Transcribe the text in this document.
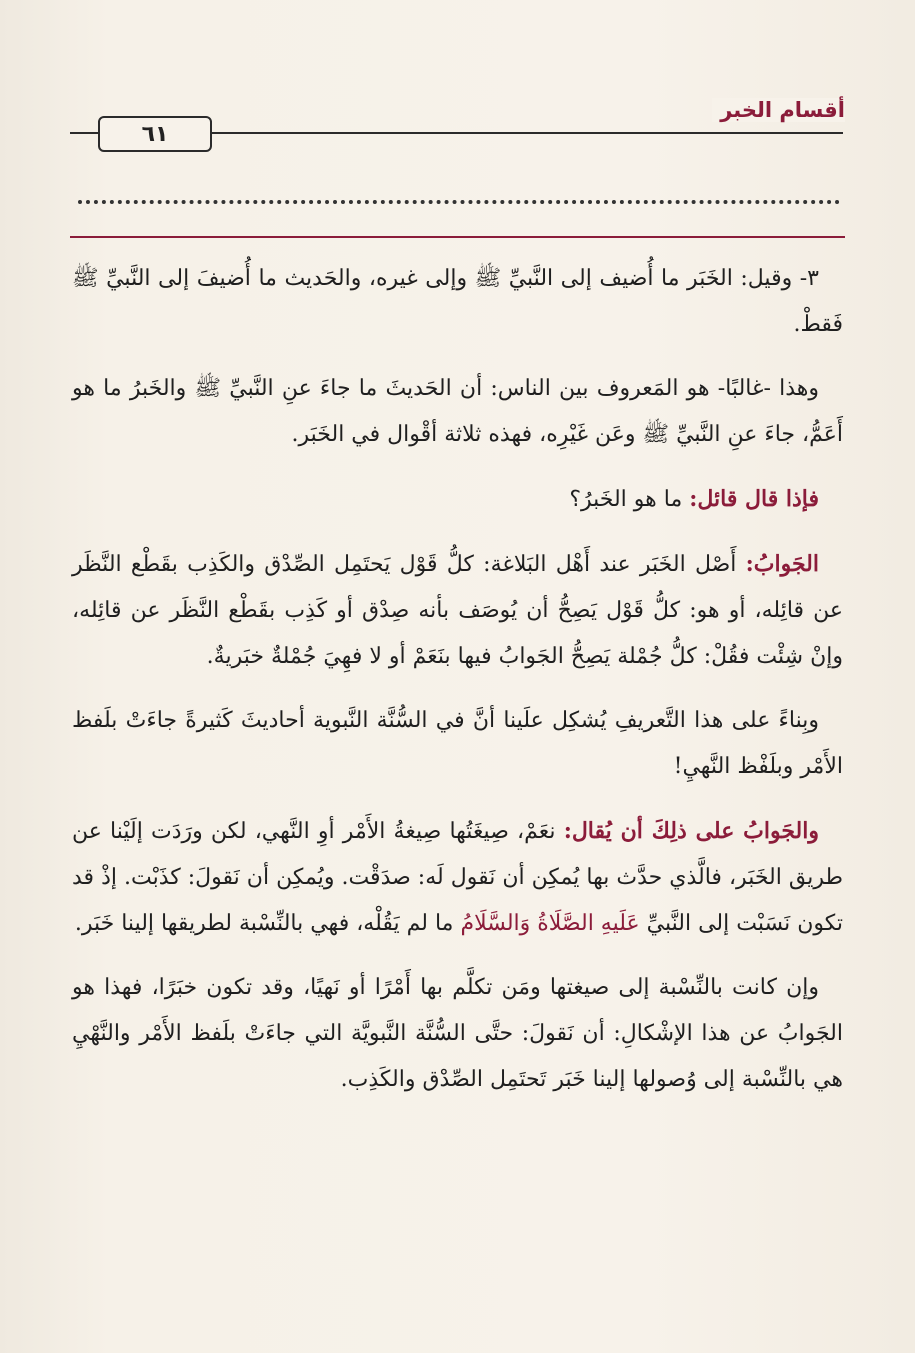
٦١
أقسام الخبر

٣- وقيل: الخَبَر ما أُضيف إلى النَّبيِّ ﷺ وإلى غيره، والحَديث ما أُضيفَ إلى النَّبيِّ ﷺ فَقطْ.

وهذا -غالبًا- هو المَعروف بين الناس: أن الحَديثَ ما جاءَ عنِ النَّبيِّ ﷺ والخَبرُ ما هو أَعَمُّ، جاءَ عنِ النَّبيِّ ﷺ وعَن غَيْرِه، فهذه ثلاثة أقْوال في الخَبَر.

فإذا قال قائل: ما هو الخَبرُ؟

الجَوابُ: أَصْل الخَبَر عند أَهْل البَلاغة: كلُّ قَوْل يَحتَمِل الصِّدْق والكَذِب بقَطْع النَّظَر عن قائِله، أو هو: كلُّ قَوْل يَصِحُّ أن يُوصَف بأنه صِدْق أو كَذِب بقَطْع النَّظَر عن قائِله، وإنْ شِئْت فقُلْ: كلُّ جُمْلة يَصِحُّ الجَوابُ فيها بنَعَمْ أو لا فهِيَ جُمْلةٌ خبَريةٌ.

وبِناءً على هذا التَّعريفِ يُشكِل علَينا أنَّ في السُّنَّة النَّبوية أحاديثَ كَثيرةً جاءَتْ بلَفظ الأَمْر وبلَفْظ النَّهيِ!

والجَوابُ على ذلِكَ أن يُقال: نعَمْ، صِيغَتُها صِيغةُ الأَمْر أوِ النَّهي، لكن ورَدَت إلَيْنا عن طريق الخَبَر، فالَّذي حدَّث بها يُمكِن أن نَقول لَه: صدَقْت. ويُمكِن أن نَقولَ: كذَبْت. إذْ قد تكون نَسَبْت إلى النَّبيِّ عَلَيهِ الصَّلَاةُ وَالسَّلَامُ ما لم يَقُلْه، فهي بالنِّسْبة لطريقها إلينا خَبَر.

وإن كانت بالنِّسْبة إلى صيغتها ومَن تكلَّم بها أَمْرًا أو نَهيًا، وقد تكون خبَرًا، فهذا هو الجَوابُ عن هذا الإشْكالِ: أن نَقولَ: حتَّى السُّنَّة النَّبويَّة التي جاءَتْ بلَفظ الأَمْر والنَّهْيِ هي بالنِّسْبة إلى وُصولها إلينا خَبَر تَحتَمِل الصِّدْق والكَذِب.
